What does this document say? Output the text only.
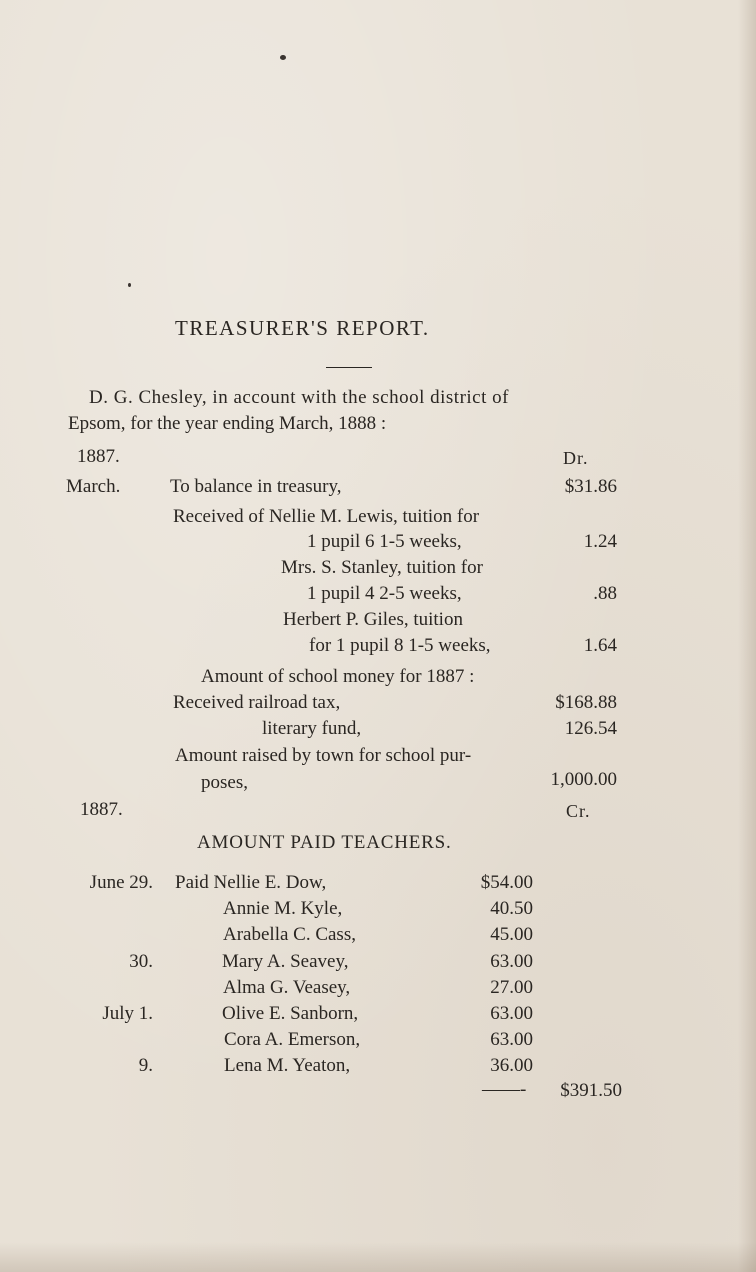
TREASURER'S REPORT.
D. G. Chesley, in account with the school district of
Epsom, for the year ending March, 1888 :
1887.	Dr.
March.	To balance in treasury,	$31.86
Received of Nellie M. Lewis, tuition for
1 pupil 6 1-5 weeks,	1.24
Mrs. S. Stanley, tuition for
1 pupil 4 2-5 weeks,	.88
Herbert P. Giles, tuition
for 1 pupil 8 1-5 weeks,	1.64
Amount of school money for 1887 :
Received railroad tax,	$168.88
literary fund,	126.54
Amount raised by town for school pur-
poses,	1,000.00
1887.	Cr.
AMOUNT PAID TEACHERS.
June 29. Paid Nellie E. Dow,	$54.00
Annie M. Kyle,	40.50
Arabella C. Cass,	45.00
30.	Mary A. Seavey,	63.00
Alma G. Veasey,	27.00
July 1.	Olive E. Sanborn,	63.00
Cora A. Emerson,	63.00
9.	Lena M. Yeaton,	36.00
——- $391.50
